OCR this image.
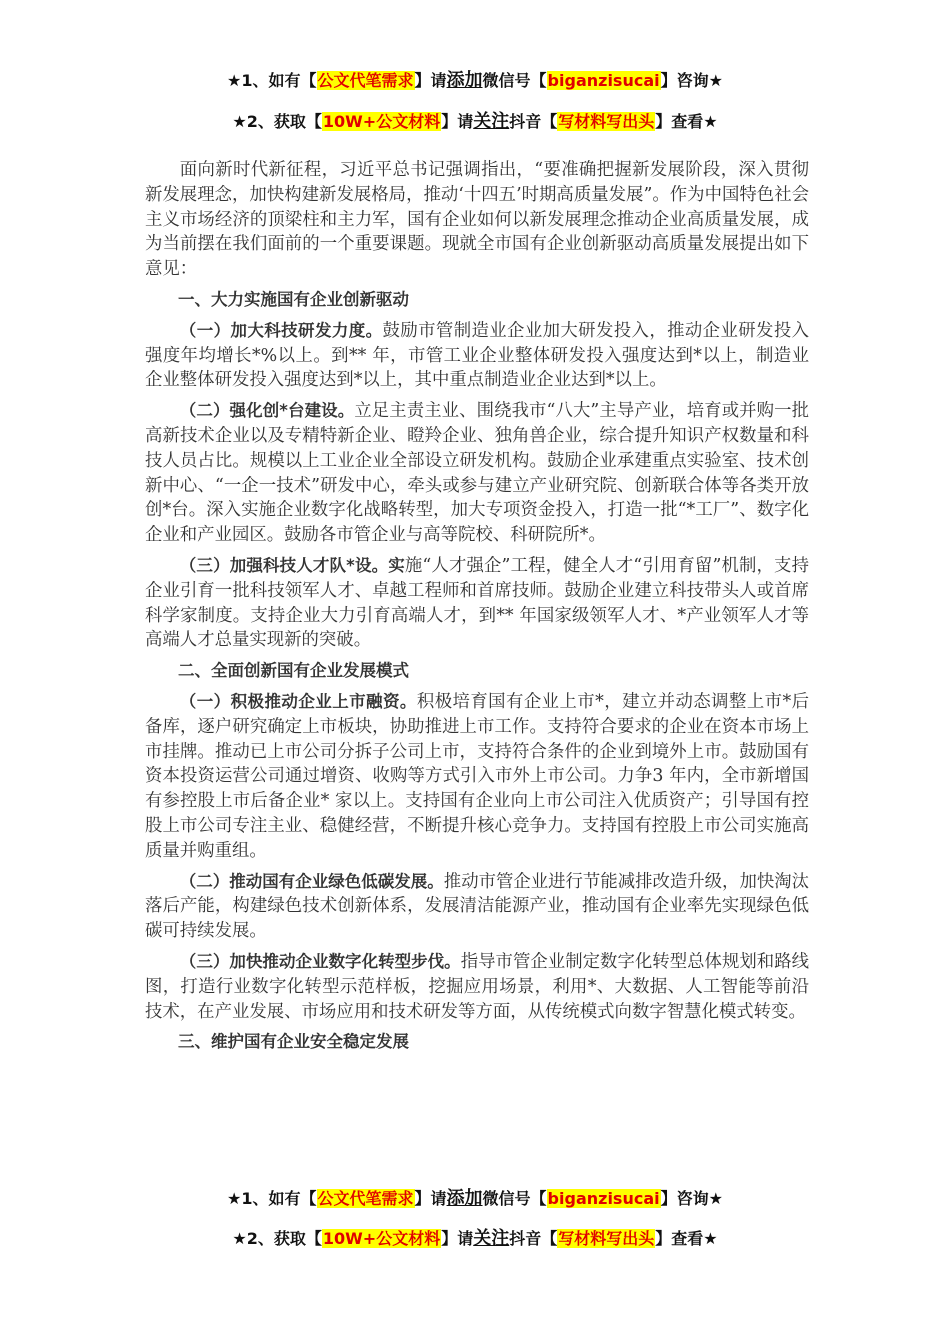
★1、如有【公文代笔需求】请添加微信号【biganzisucai】咨询★
★2、获取【10W+公文材料】请关注抖音【写材料写出头】查看★

面向新时代新征程，习近平总书记强调指出，“要准确把握新发展阶段，深入贯彻新发展理念，加快构建新发展格局，推动‘十四五’时期高质量发展”。作为中国特色社会主义市场经济的顶梁柱和主力军，国有企业如何以新发展理念推动企业高质量发展，成为当前摆在我们面前的一个重要课题。现就全市国有企业创新驱动高质量发展提出如下意见：

一、大力实施国有企业创新驱动

（一）加大科技研发力度。鼓励市管制造业企业加大研发投入，推动企业研发投入强度年均增长*%以上。到** 年，市管工业企业整体研发投入强度达到*以上，制造业企业整体研发投入强度达到*以上，其中重点制造业企业达到*以上。

（二）强化创*台建设。立足主责主业、围绕我市“八大”主导产业，培育或并购一批高新技术企业以及专精特新企业、瞪羚企业、独角兽企业，综合提升知识产权数量和科技人员占比。规模以上工业企业全部设立研发机构。鼓励企业承建重点实验室、技术创新中心、“一企一技术”研发中心，牵头或参与建立产业研究院、创新联合体等各类开放创*台。深入实施企业数字化战略转型，加大专项资金投入，打造一批“*工厂”、数字化企业和产业园区。鼓励各市管企业与高等院校、科研院所*。

（三）加强科技人才队*设。实施“人才强企”工程，健全人才“引用育留”机制，支持企业引育一批科技领军人才、卓越工程师和首席技师。鼓励企业建立科技带头人或首席科学家制度。支持企业大力引育高端人才，到** 年国家级领军人才、*产业领军人才等高端人才总量实现新的突破。

二、全面创新国有企业发展模式

（一）积极推动企业上市融资。积极培育国有企业上市*，建立并动态调整上市*后备库，逐户研究确定上市板块，协助推进上市工作。支持符合要求的企业在资本市场上市挂牌。推动已上市公司分拆子公司上市，支持符合条件的企业到境外上市。鼓励国有资本投资运营公司通过增资、收购等方式引入市外上市公司。力争3 年内，全市新增国有参控股上市后备企业* 家以上。支持国有企业向上市公司注入优质资产；引导国有控股上市公司专注主业、稳健经营，不断提升核心竞争力。支持国有控股上市公司实施高质量并购重组。

（二）推动国有企业绿色低碳发展。推动市管企业进行节能减排改造升级，加快淘汰落后产能，构建绿色技术创新体系，发展清洁能源产业，推动国有企业率先实现绿色低碳可持续发展。

（三）加快推动企业数字化转型步伐。指导市管企业制定数字化转型总体规划和路线图，打造行业数字化转型示范样板，挖掘应用场景，利用*、大数据、人工智能等前沿技术，在产业发展、市场应用和技术研发等方面，从传统模式向数字智慧化模式转变。

三、维护国有企业安全稳定发展

★1、如有【公文代笔需求】请添加微信号【biganzisucai】咨询★
★2、获取【10W+公文材料】请关注抖音【写材料写出头】查看★
